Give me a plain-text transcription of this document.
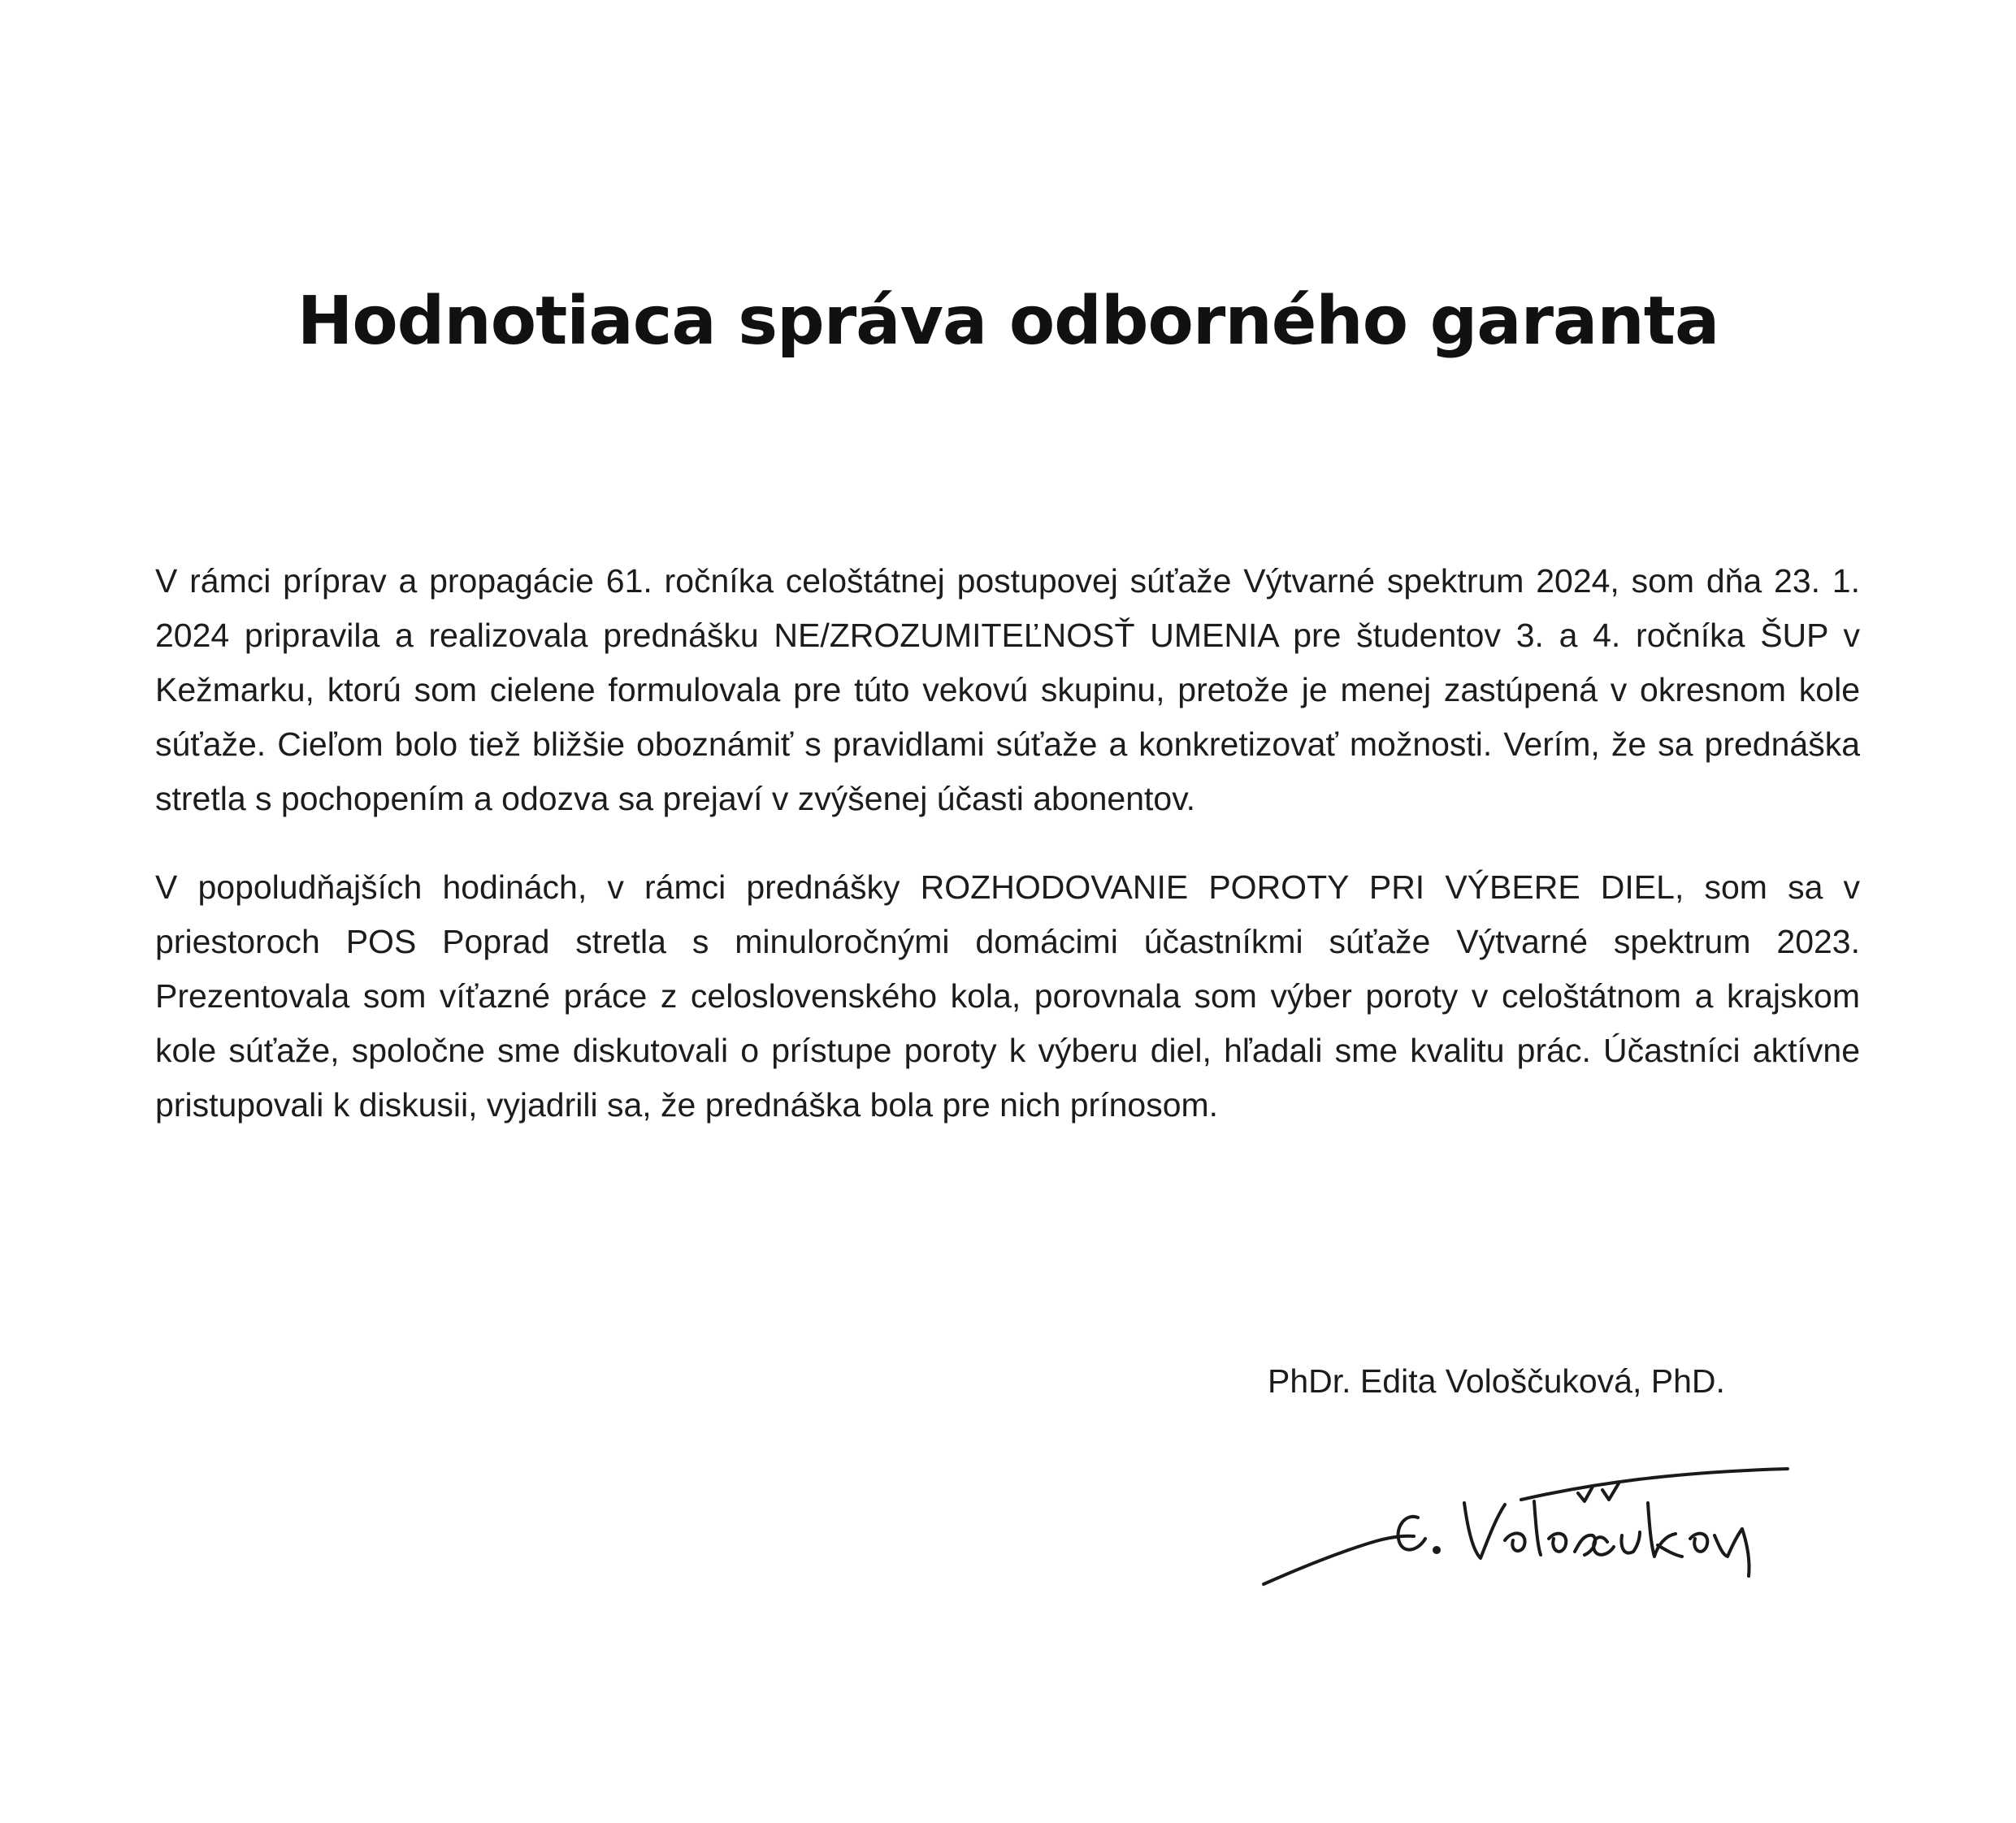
Hodnotiaca správa odborného garanta

V rámci príprav a propagácie 61. ročníka celoštátnej postupovej súťaže Výtvarné spektrum 2024, som dňa 23. 1. 2024 pripravila a realizovala prednášku NE/ZROZUMITEĽNOSŤ UMENIA pre študentov 3. a 4. ročníka ŠUP v Kežmarku, ktorú som cielene formulovala pre túto vekovú skupinu, pretože je menej zastúpená v okresnom kole súťaže. Cieľom bolo tiež bližšie oboznámiť s pravidlami súťaže a konkretizovať možnosti. Verím, že sa prednáška stretla s pochopením a odozva sa prejaví v zvýšenej účasti abonentov.

V popoludňajších hodinách, v rámci prednášky ROZHODOVANIE POROTY PRI VÝBERE DIEL, som sa v priestoroch POS Poprad stretla s minuloročnými domácimi účastníkmi súťaže Výtvarné spektrum 2023. Prezentovala som víťazné práce z celoslovenského kola, porovnala som výber poroty v celoštátnom a krajskom kole súťaže, spoločne sme diskutovali o prístupe poroty k výberu diel, hľadali sme kvalitu prác. Účastníci aktívne pristupovali k diskusii, vyjadrili sa, že prednáška bola pre nich prínosom.

PhDr. Edita Vološčuková, PhD.
